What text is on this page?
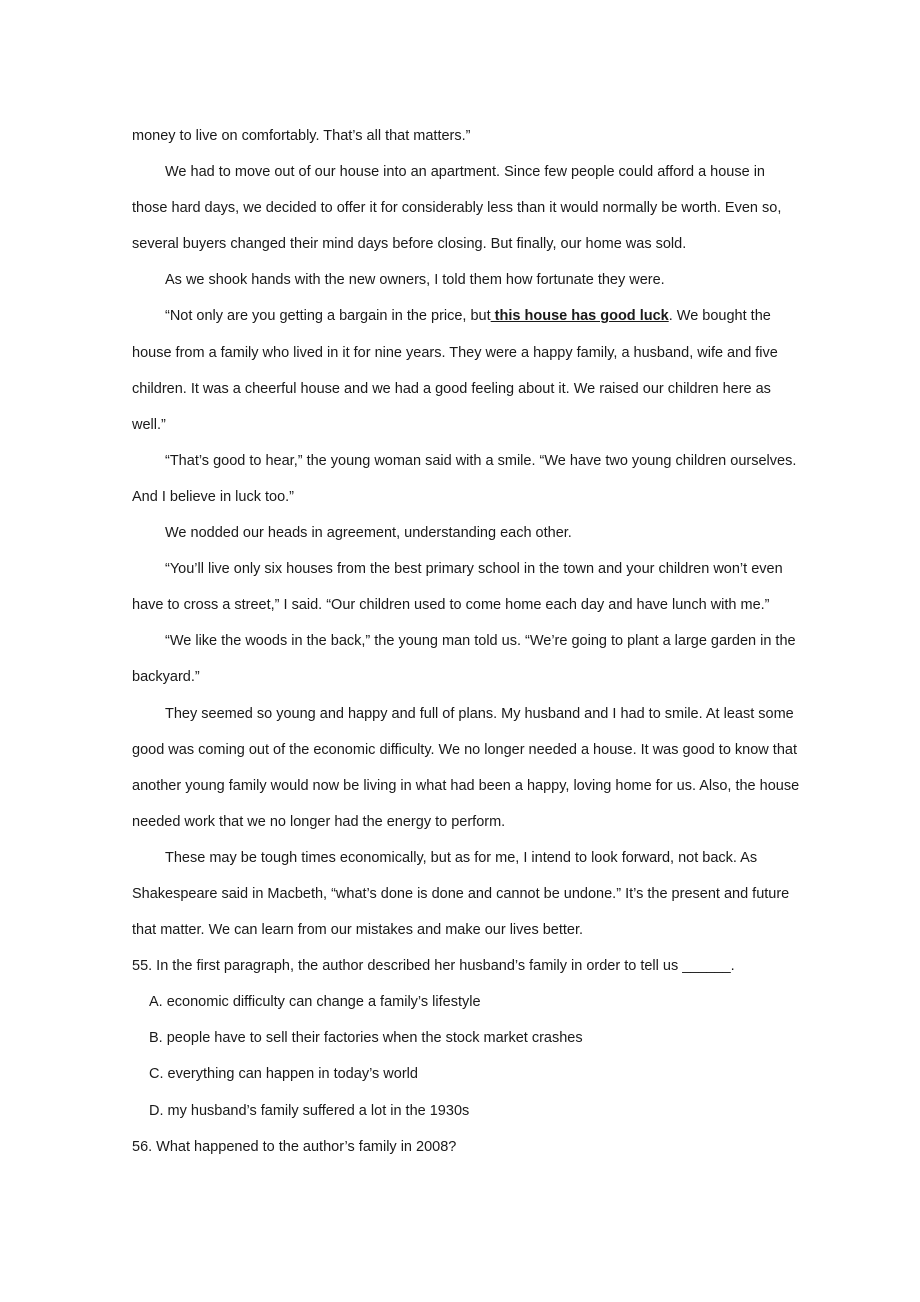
money to live on comfortably. That’s all that matters.”

We had to move out of our house into an apartment. Since few people could afford a house in those hard days, we decided to offer it for considerably less than it would normally be worth. Even so, several buyers changed their mind days before closing. But finally, our home was sold.

As we shook hands with the new owners, I told them how fortunate they were.

“Not only are you getting a bargain in the price, but this house has good luck. We bought the house from a family who lived in it for nine years. They were a happy family, a husband, wife and five children. It was a cheerful house and we had a good feeling about it. We raised our children here as well.”

“That’s good to hear,” the young woman said with a smile. “We have two young children ourselves. And I believe in luck too.”

We nodded our heads in agreement, understanding each other.

“You’ll live only six houses from the best primary school in the town and your children won’t even have to cross a street,” I said. “Our children used to come home each day and have lunch with me.”

“We like the woods in the back,” the young man told us. “We’re going to plant a large garden in the backyard.”

They seemed so young and happy and full of plans. My husband and I had to smile. At least some good was coming out of the economic difficulty. We no longer needed a house. It was good to know that another young family would now be living in what had been a happy, loving home for us. Also, the house needed work that we no longer had the energy to perform.

These may be tough times economically, but as for me, I intend to look forward, not back. As Shakespeare said in Macbeth, “what’s done is done and cannot be undone.” It’s the present and future that matter. We can learn from our mistakes and make our lives better.

55. In the first paragraph, the author described her husband’s family in order to tell us ______.

A. economic difficulty can change a family’s lifestyle

B. people have to sell their factories when the stock market crashes

C. everything can happen in today’s world

D. my husband’s family suffered a lot in the 1930s

56. What happened to the author’s family in 2008?
